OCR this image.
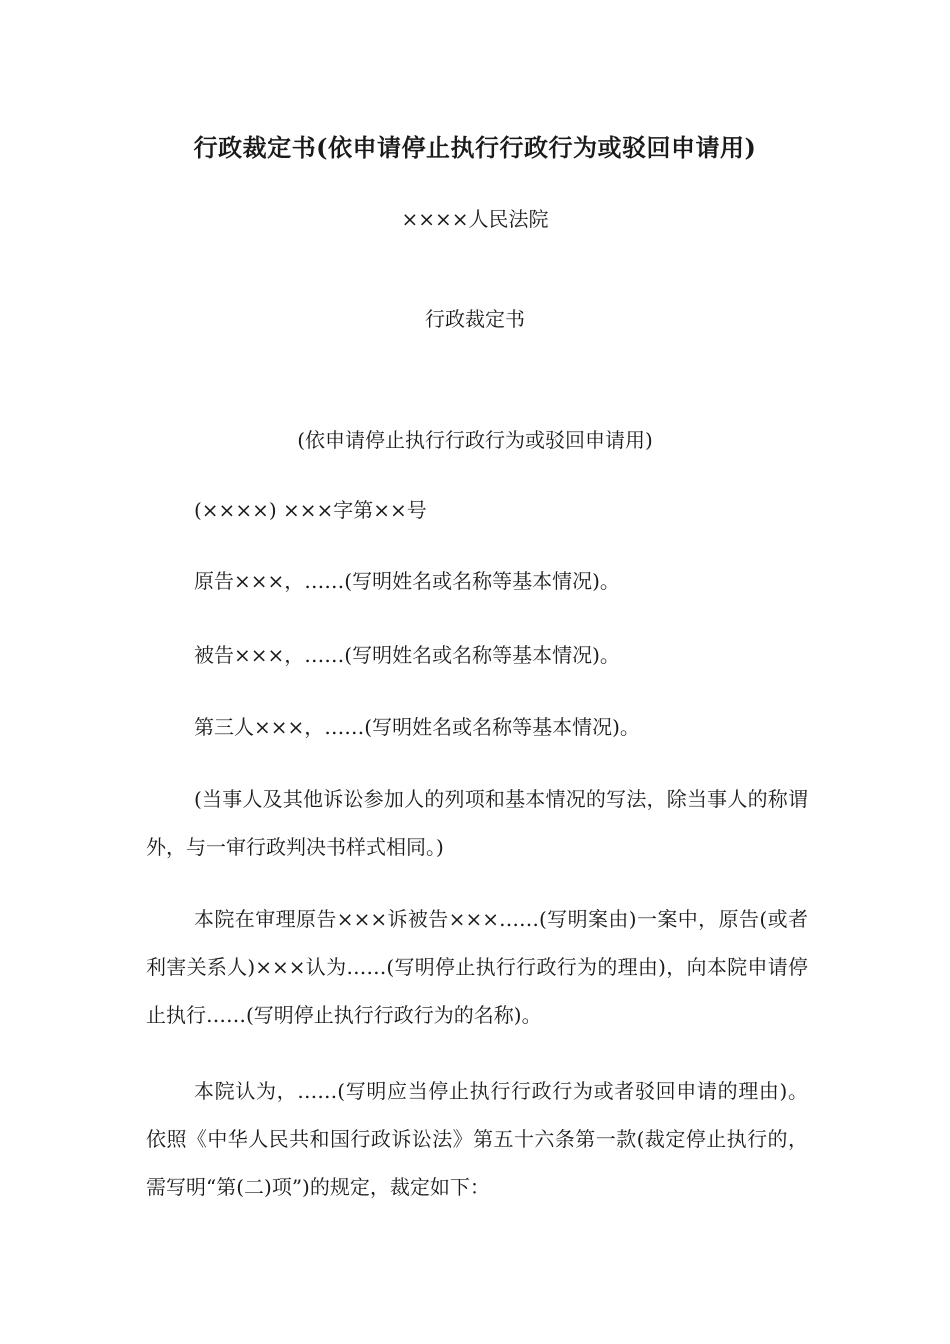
行政裁定书(依申请停止执行行政行为或驳回申请用)
××××人民法院
行政裁定书
(依申请停止执行行政行为或驳回申请用)
(××××) ×××字第××号
原告×××，……(写明姓名或名称等基本情况)。
被告×××，……(写明姓名或名称等基本情况)。
第三人×××，……(写明姓名或名称等基本情况)。
(当事人及其他诉讼参加人的列项和基本情况的写法，除当事人的称谓外，与一审行政判决书样式相同。)
本院在审理原告×××诉被告×××……(写明案由)一案中，原告(或者利害关系人)×××认为……(写明停止执行行政行为的理由)，向本院申请停止执行……(写明停止执行行政行为的名称)。
本院认为，……(写明应当停止执行行政行为或者驳回申请的理由)。依照《中华人民共和国行政诉讼法》第五十六条第一款(裁定停止执行的，需写明“第(二)项”)的规定，裁定如下：
